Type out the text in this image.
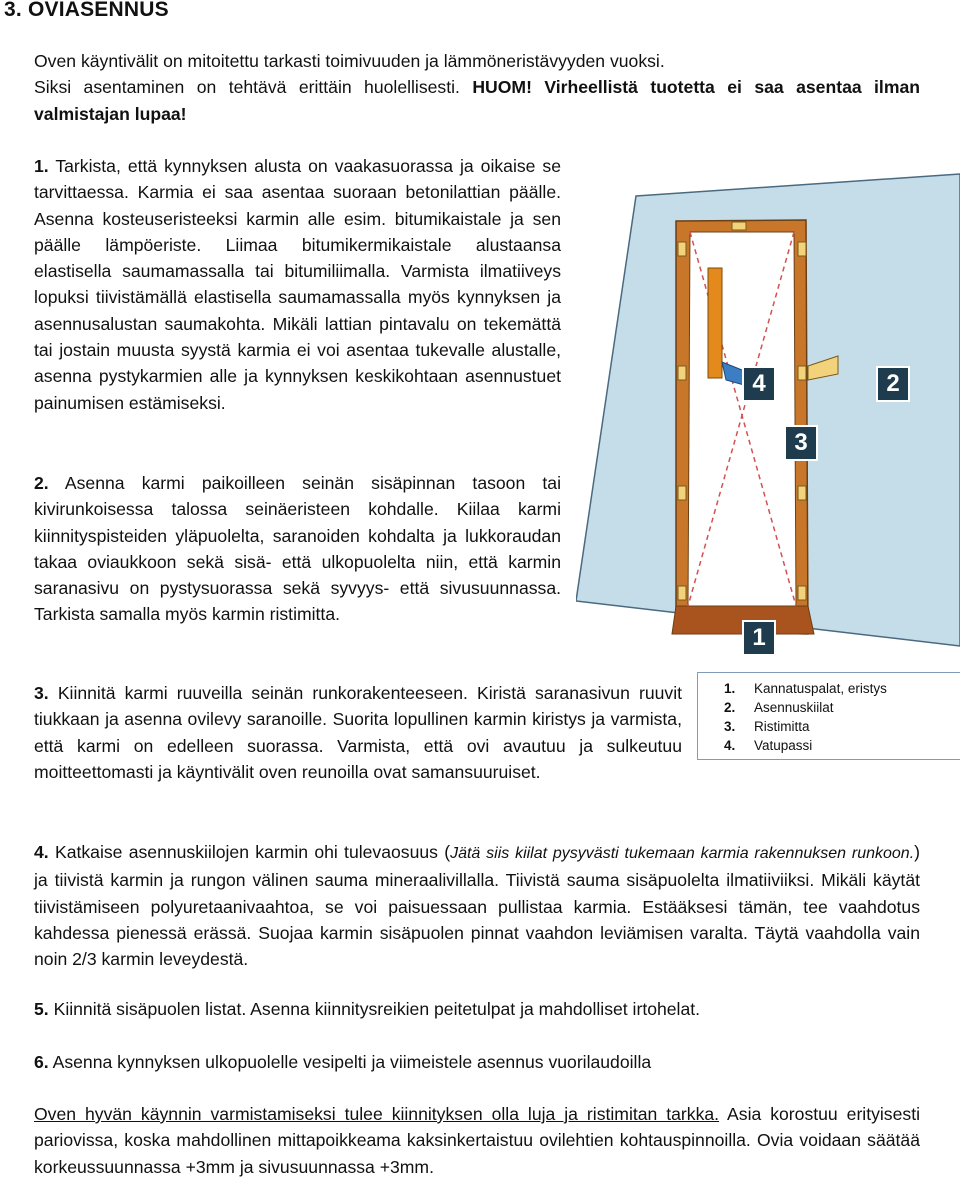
3. OVIASENNUS
Oven käyntivälit on mitoitettu tarkasti toimivuuden ja lämmöneristävyyden vuoksi.
Siksi asentaminen on tehtävä erittäin huolellisesti. HUOM! Virheellistä tuotetta ei saa asentaa ilman valmistajan lupaa!
1. Tarkista, että kynnyksen alusta on vaakasuorassa ja oikaise se tarvittaessa. Karmia ei saa asentaa suoraan betonilattian päälle. Asenna kosteuseristeeksi karmin alle esim. bitumikaistale ja sen päälle lämpöeriste. Liimaa bitumikermikaistale alustaansa elastisella saumamassalla tai bitumiliimalla. Varmista ilmatiiveys lopuksi tiivistämällä elastisella saumamassalla myös kynnyksen ja asennusalustan saumakohta. Mikäli lattian pintavalu on tekemättä tai jostain muusta syystä karmia ei voi asentaa tukevalle alustalle, asenna pystykarmien alle ja kynnyksen keskikohtaan asennustuet painumisen estämiseksi.
2. Asenna karmi paikoilleen seinän sisäpinnan tasoon tai kivirunkoisessa talossa seinäeristeen kohdalle. Kiilaa karmi kiinnityspisteiden yläpuolelta, saranoiden kohdalta ja lukkoraudan takaa oviaukkoon sekä sisä- että ulkopuolelta niin, että karmin saranasivu on pystysuorassa sekä syvyys- että sivusuunnassa. Tarkista samalla myös karmin ristimitta.
3. Kiinnitä karmi ruuveilla seinän runkorakenteeseen. Kiristä saranasivun ruuvit tiukkaan ja asenna ovilevy saranoille. Suorita lopullinen karmin kiristys ja varmista, että karmi on edelleen suorassa. Varmista, että ovi avautuu ja sulkeutuu moitteettomasti ja käyntivälit oven reunoilla ovat samansuuruiset.
4. Katkaise asennuskiilojen karmin ohi tulevaosuus (Jätä siis kiilat pysyvästi tukemaan karmia rakennuksen runkoon.) ja tiivistä karmin ja rungon välinen sauma mineraalivillalla. Tiivistä sauma sisäpuolelta ilmatiiviiksi. Mikäli käytät tiivistämiseen polyuretaanivaahtoa, se voi paisuessaan pullistaa karmia. Estääksesi tämän, tee vaahdotus kahdessa pienessä erässä. Suojaa karmin sisäpuolen pinnat vaahdon leviämisen varalta. Täytä vaahdolla vain noin 2/3 karmin leveydestä.
5. Kiinnitä sisäpuolen listat. Asenna kiinnitysreikien peitetulpat ja mahdolliset irtohelat.
6. Asenna kynnyksen ulkopuolelle vesipelti ja viimeistele asennus vuorilaudoilla
Oven hyvän käynnin varmistamiseksi tulee kiinnityksen olla luja ja ristimitan tarkka. Asia korostuu erityisesti pariovissa, koska mahdollinen mittapoikkeama kaksinkertaistuu ovilehtien kohtauspinnoilla. Ovia voidaan säätää korkeussuunnassa +3mm ja sivusuunnassa +3mm.
4	2
3
1
1. Kannatuspalat, eristys
2. Asennuskiilat
3. Ristimitta
4. Vatupassi
